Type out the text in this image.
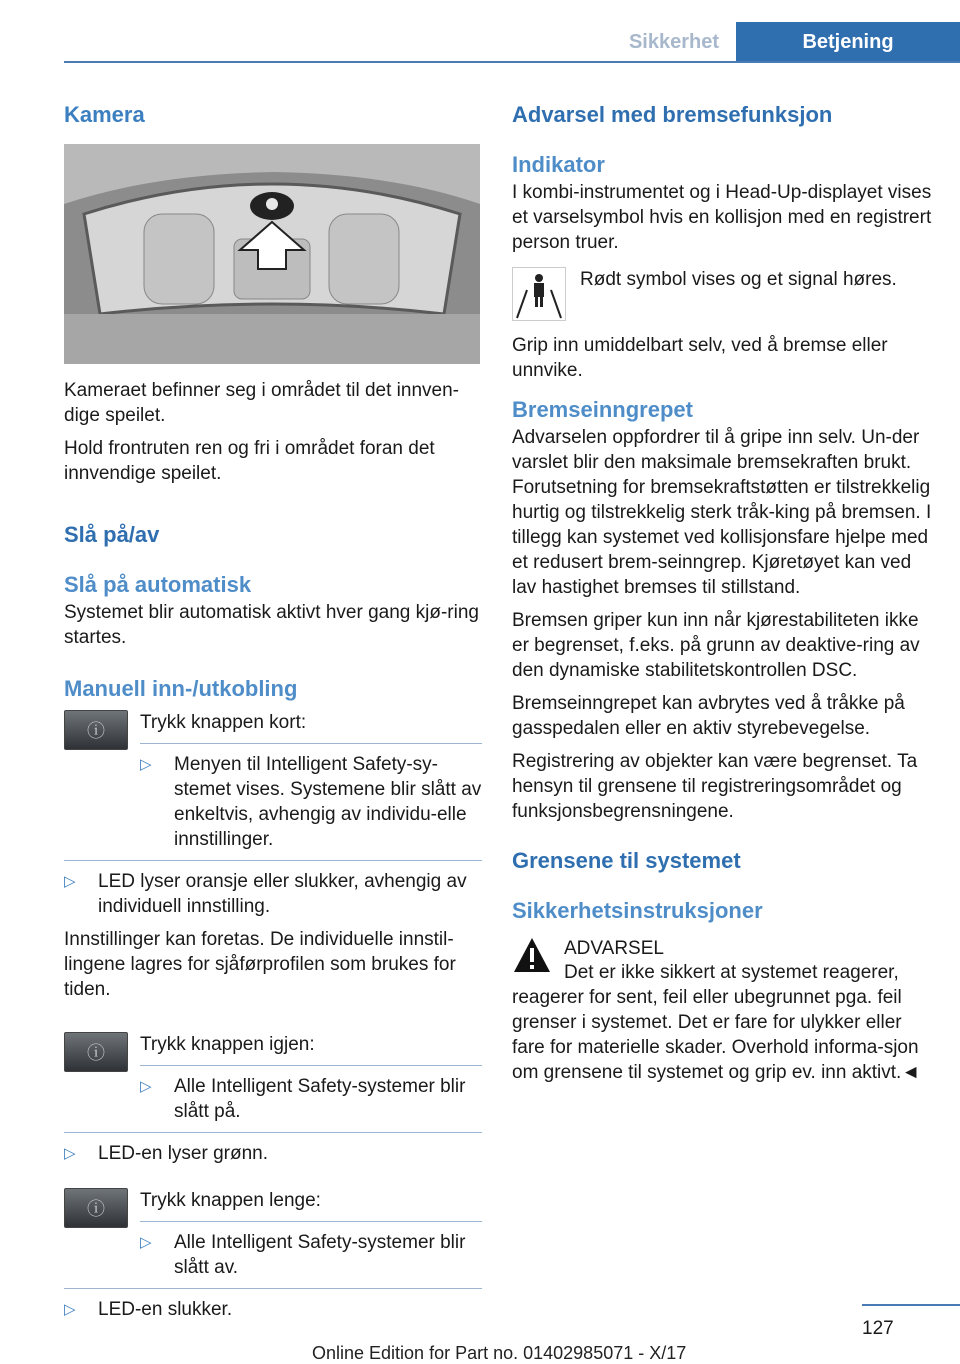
Sikkerhet	Betjening
Kamera

Kameraet befinner seg i området til det innven-dige speilet.

Hold frontruten ren og fri i området foran det innvendige speilet.

Slå på/av
Slå på automatisk

Systemet blir automatisk aktivt hver gang kjø-ring startes.

Manuell inn-/utkobling
ⓘ Trykk knappen kort:

▷	Menyen til Intelligent Safety-sy-stemet vises. Systemene blir slått av enkeltvis, avhengig av individu-elle innstillinger.
▷	LED lyser oransje eller slukker, avhengig av individuell innstilling.

Innstillinger kan foretas. De individuelle innstil-lingene lagres for sjåførprofilen som brukes for tiden.

ⓘ Trykk knappen igjen:

▷	Alle Intelligent Safety-systemer blir slått på.
▷	LED-en lyser grønn.
ⓘ Trykk knappen lenge:

▷	Alle Intelligent Safety-systemer blir slått av.
▷	LED-en slukker.
Advarsel med bremsefunksjon
Indikator

I kombi-instrumentet og i Head-Up-displayet vises et varselsymbol hvis en kollisjon med en registrert person truer.

Rødt symbol vises og et signal høres.

Grip inn umiddelbart selv, ved å bremse eller unnvike.

Bremseinngrepet

Advarselen oppfordrer til å gripe inn selv. Un-der varslet blir den maksimale bremsekraften brukt. Forutsetning for bremsekraftstøtten er tilstrekkelig hurtig og tilstrekkelig sterk tråk-king på bremsen. I tillegg kan systemet ved kollisjonsfare hjelpe med et redusert brem-seinngrep. Kjøretøyet kan ved lav hastighet bremses til stillstand.

Bremsen griper kun inn når kjørestabiliteten ikke er begrenset, f.eks. på grunn av deaktive-ring av den dynamiske stabilitetskontrollen DSC.

Bremseinngrepet kan avbrytes ved å tråkke på gasspedalen eller en aktiv styrebevegelse.

Registrering av objekter kan være begrenset. Ta hensyn til grensene til registreringsområdet og funksjonsbegrensningene.

Grensene til systemet
Sikkerhetsinstruksjoner

ADVARSEL

Det er ikke sikkert at systemet reagerer, reagerer for sent, feil eller ubegrunnet pga. feil grenser i systemet. Det er fare for ulykker eller fare for materielle skader. Overhold informa-sjon om grensene til systemet og grip ev. inn aktivt.◄

127
Online Edition for Part no. 01402985071 - X/17
